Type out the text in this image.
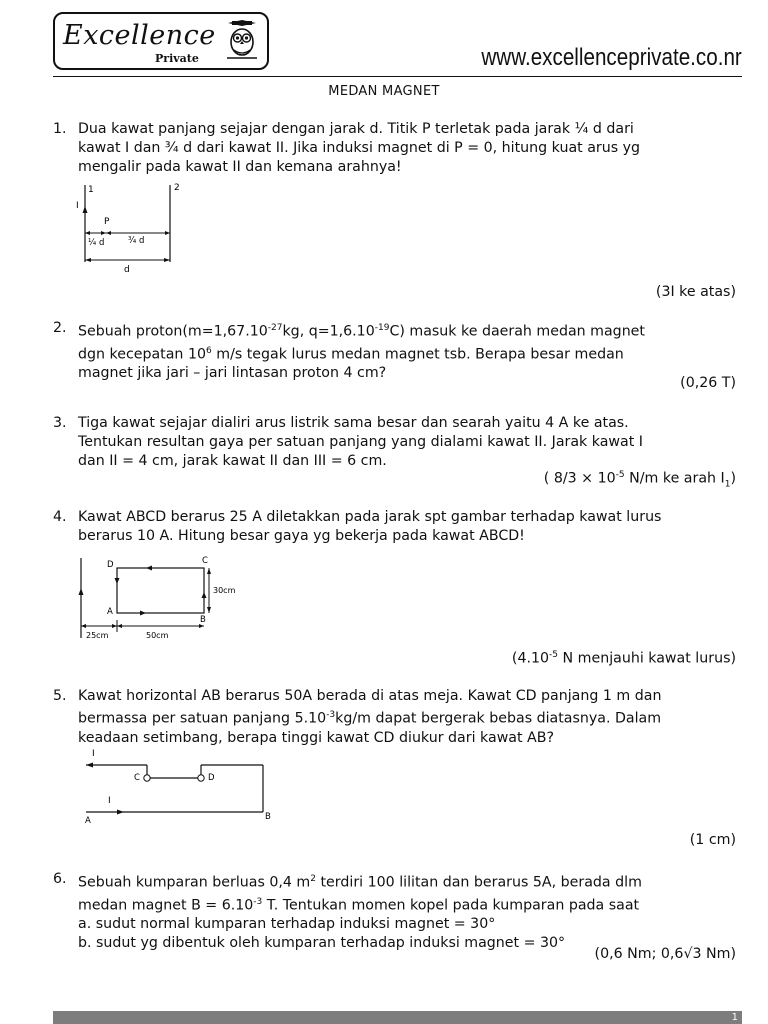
Excellence
Private	www.excellenceprivate.co.nr
MEDAN MAGNET
1. Dua kawat panjang sejajar dengan jarak d. Titik P terletak pada jarak ¼ d dari
kawat I dan ¾ d dari kawat II. Jika induksi magnet di P = 0, hitung kuat arus yg
mengalir pada kawat II dan kemana arahnya!
1	2
I
P
¼ d	¾ d
d
(3I ke atas)
2. Sebuah $proton(m=1,67.10^{-27}kg$, $q=1,6.10^{-19}C$) masuk ke daerah medan magnet
dgn kecepatan $10^6$ m/s tegak lurus medan magnet tsb. Berapa besar medan
magnet jika jari – jari lintasan proton 4 cm?
(0,26 T)
3. Tiga kawat sejajar dialiri arus listrik sama besar dan searah yaitu 4 A ke atas.
Tentukan resultan gaya per satuan panjang yang dialami kawat II. Jarak kawat I
dan II = 4 cm, jarak kawat II dan III = 6 cm.
( $8/3 \times 10^{-5}$ N/m ke arah $I_1$)
4. Kawat ABCD berarus 25 A diletakkan pada jarak spt gambar terhadap kawat lurus
berarus 10 A. Hitung besar gaya yg bekerja pada kawat ABCD!
D	C
A
B
30cm
25cm	50cm
($4.10^{-5}$ N menjauhi kawat lurus)
5. Kawat horizontal AB berarus 50A berada di atas meja. Kawat CD panjang 1 m dan
bermassa per satuan panjang $5.10^{-3}kg/m$ dapat bergerak bebas diatasnya. Dalam
keadaan setimbang, berapa tinggi kawat CD diukur dari kawat AB?
I
C	D
I
A	B
(1 cm)
6. Sebuah kumparan berluas 0,4 $m^2$ terdiri 100 lilitan dan berarus 5A, berada dlm
medan magnet $B = 6.10^{-3}$ T. Tentukan momen kopel pada kumparan pada saat
a. sudut normal kumparan terhadap induksi magnet = 30°
b. sudut yg dibentuk oleh kumparan terhadap induksi magnet = 30°
(0,6 Nm; 0,6√3 Nm)
1
